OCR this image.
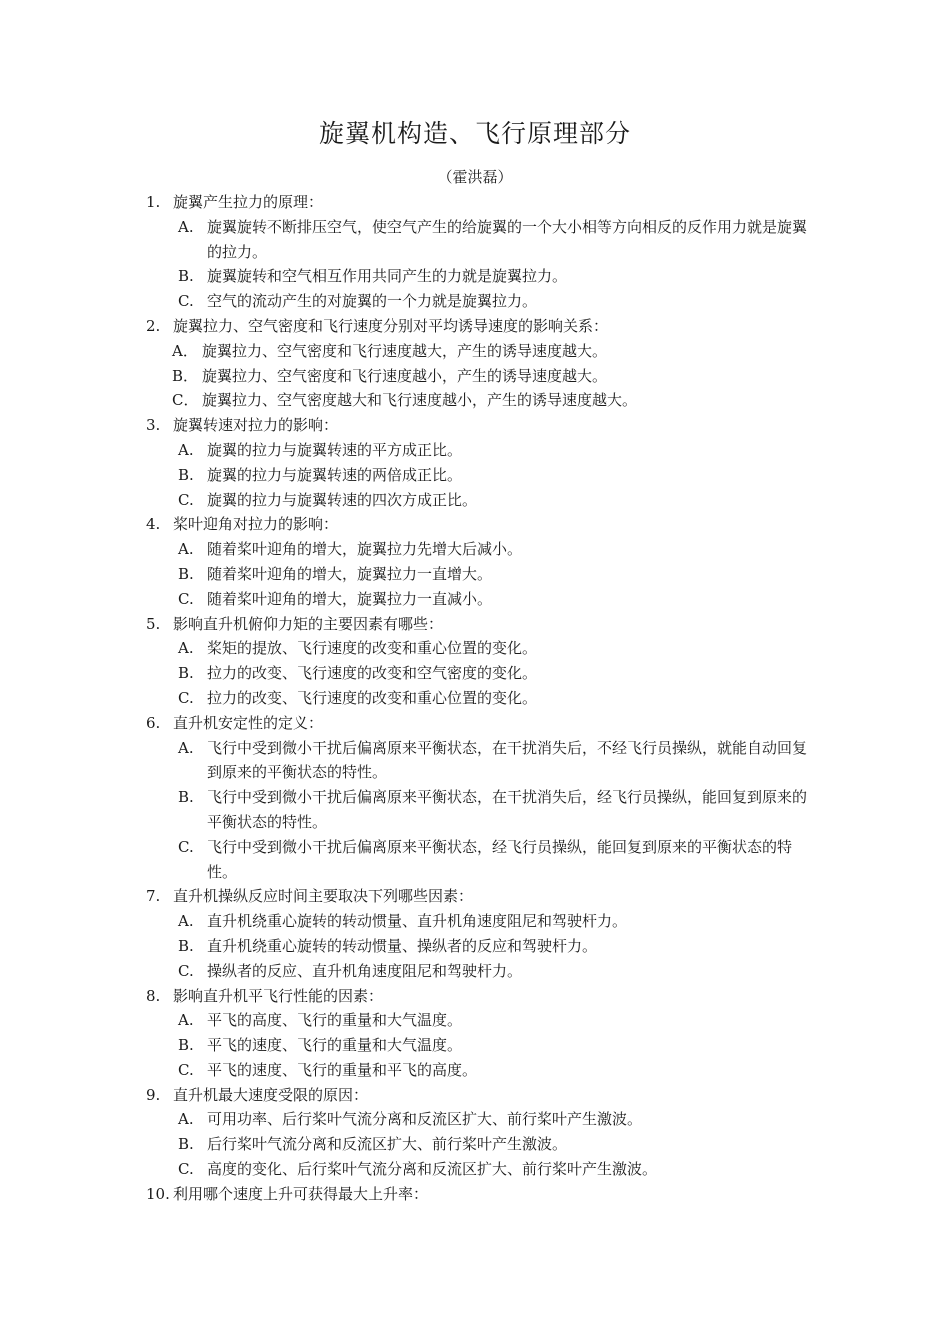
旋翼机构造、飞行原理部分
（霍洪磊）
1. 旋翼产生拉力的原理：
A. 旋翼旋转不断排压空气，使空气产生的给旋翼的一个大小相等方向相反的反作用力就是旋翼的拉力。
B. 旋翼旋转和空气相互作用共同产生的力就是旋翼拉力。
C. 空气的流动产生的对旋翼的一个力就是旋翼拉力。
2. 旋翼拉力、空气密度和飞行速度分别对平均诱导速度的影响关系：
A． 旋翼拉力、空气密度和飞行速度越大，产生的诱导速度越大。
B． 旋翼拉力、空气密度和飞行速度越小，产生的诱导速度越大。
C． 旋翼拉力、空气密度越大和飞行速度越小，产生的诱导速度越大。
3. 旋翼转速对拉力的影响：
A. 旋翼的拉力与旋翼转速的平方成正比。
B. 旋翼的拉力与旋翼转速的两倍成正比。
C. 旋翼的拉力与旋翼转速的四次方成正比。
4. 桨叶迎角对拉力的影响：
A. 随着桨叶迎角的增大，旋翼拉力先增大后减小。
B. 随着桨叶迎角的增大，旋翼拉力一直增大。
C. 随着桨叶迎角的增大，旋翼拉力一直减小。
5. 影响直升机俯仰力矩的主要因素有哪些：
A. 桨矩的提放、飞行速度的改变和重心位置的变化。
B. 拉力的改变、飞行速度的改变和空气密度的变化。
C. 拉力的改变、飞行速度的改变和重心位置的变化。
6. 直升机安定性的定义：
A. 飞行中受到微小干扰后偏离原来平衡状态，在干扰消失后，不经飞行员操纵，就能自动回复到原来的平衡状态的特性。
B. 飞行中受到微小干扰后偏离原来平衡状态，在干扰消失后，经飞行员操纵，能回复到原来的平衡状态的特性。
C. 飞行中受到微小干扰后偏离原来平衡状态，经飞行员操纵，能回复到原来的平衡状态的特性。
7. 直升机操纵反应时间主要取决下列哪些因素：
A. 直升机绕重心旋转的转动惯量、直升机角速度阻尼和驾驶杆力。
B. 直升机绕重心旋转的转动惯量、操纵者的反应和驾驶杆力。
C. 操纵者的反应、直升机角速度阻尼和驾驶杆力。
8. 影响直升机平飞行性能的因素：
A. 平飞的高度、飞行的重量和大气温度。
B. 平飞的速度、飞行的重量和大气温度。
C. 平飞的速度、飞行的重量和平飞的高度。
9. 直升机最大速度受限的原因：
A. 可用功率、后行桨叶气流分离和反流区扩大、前行桨叶产生激波。
B. 后行桨叶气流分离和反流区扩大、前行桨叶产生激波。
C. 高度的变化、后行桨叶气流分离和反流区扩大、前行桨叶产生激波。
10. 利用哪个速度上升可获得最大上升率：
